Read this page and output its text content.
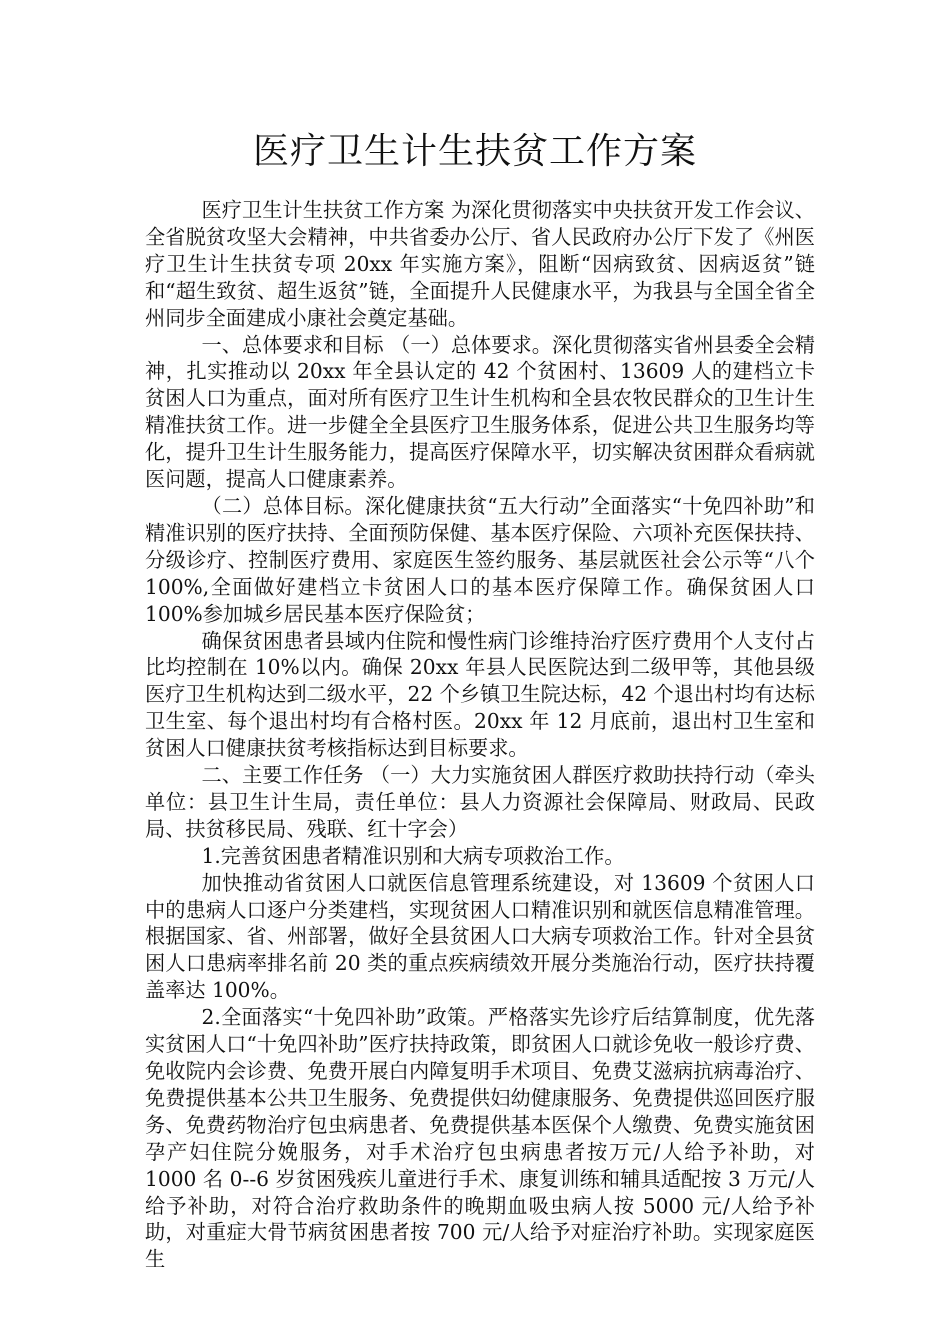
医疗卫生计生扶贫工作方案

医疗卫生计生扶贫工作方案 为深化贯彻落实中央扶贫开发工作会议、全省脱贫攻坚大会精神，中共省委办公厅、省人民政府办公厅下发了《州医疗卫生计生扶贫专项 20xx 年实施方案》，阻断“因病致贫、因病返贫”链和“超生致贫、超生返贫”链，全面提升人民健康水平，为我县与全国全省全州同步全面建成小康社会奠定基础。

一、总体要求和目标 （一）总体要求。深化贯彻落实省州县委全会精神，扎实推动以 20xx 年全县认定的 42 个贫困村、13609 人的建档立卡贫困人口为重点，面对所有医疗卫生计生机构和全县农牧民群众的卫生计生精准扶贫工作。进一步健全全县医疗卫生服务体系，促进公共卫生服务均等化，提升卫生计生服务能力，提高医疗保障水平，切实解决贫困群众看病就医问题，提高人口健康素养。

（二）总体目标。深化健康扶贫“五大行动”全面落实“十免四补助”和精准识别的医疗扶持、全面预防保健、基本医疗保险、六项补充医保扶持、分级诊疗、控制医疗费用、家庭医生签约服务、基层就医社会公示等“八个 100%,全面做好建档立卡贫困人口的基本医疗保障工作。确保贫困人口 100%参加城乡居民基本医疗保险贫；

确保贫困患者县域内住院和慢性病门诊维持治疗医疗费用个人支付占比均控制在 10%以内。确保 20xx 年县人民医院达到二级甲等，其他县级医疗卫生机构达到二级水平，22 个乡镇卫生院达标，42 个退出村均有达标卫生室、每个退出村均有合格村医。20xx 年 12 月底前，退出村卫生室和贫困人口健康扶贫考核指标达到目标要求。

二、主要工作任务 （一）大力实施贫困人群医疗救助扶持行动（牵头单位：县卫生计生局，责任单位：县人力资源社会保障局、财政局、民政局、扶贫移民局、残联、红十字会）

1.完善贫困患者精准识别和大病专项救治工作。

加快推动省贫困人口就医信息管理系统建设，对 13609 个贫困人口中的患病人口逐户分类建档，实现贫困人口精准识别和就医信息精准管理。根据国家、省、州部署，做好全县贫困人口大病专项救治工作。针对全县贫困人口患病率排名前 20 类的重点疾病绩效开展分类施治行动，医疗扶持覆盖率达 100%。

2.全面落实“十免四补助”政策。严格落实先诊疗后结算制度，优先落实贫困人口“十免四补助”医疗扶持政策，即贫困人口就诊免收一般诊疗费、免收院内会诊费、免费开展白内障复明手术项目、免费艾滋病抗病毒治疗、免费提供基本公共卫生服务、免费提供妇幼健康服务、免费提供巡回医疗服务、免费药物治疗包虫病患者、免费提供基本医保个人缴费、免费实施贫困孕产妇住院分娩服务，对手术治疗包虫病患者按万元/人给予补助，对 1000 名 0--6 岁贫困残疾儿童进行手术、康复训练和辅具适配按 3 万元/人给予补助，对符合治疗救助条件的晚期血吸虫病人按 5000 元/人给予补助，对重症大骨节病贫困患者按 700 元/人给予对症治疗补助。实现家庭医生
